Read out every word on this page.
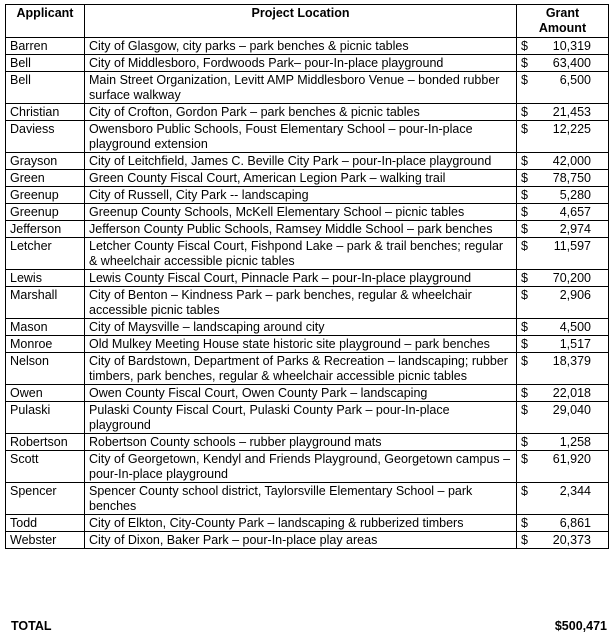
Applicant	Project Location	Grant Amount
Barren	City of Glasgow, city parks – park benches & picnic tables	$ 10,319
Bell	City of Middlesboro, Fordwoods Park– pour-In-place playground	$ 63,400
Bell	Main Street Organization, Levitt AMP Middlesboro Venue – bonded rubber surface walkway	$ 6,500
Christian	City of Crofton, Gordon Park – park benches & picnic tables	$ 21,453
Daviess	Owensboro Public Schools, Foust Elementary School – pour-In-place playground extension	$ 12,225
Grayson	City of Leitchfield, James C. Beville City Park – pour-In-place playground	$ 42,000
Green	Green County Fiscal Court, American Legion Park – walking trail	$ 78,750
Greenup	City of Russell, City Park -- landscaping	$ 5,280
Greenup	Greenup County Schools, McKell Elementary School – picnic tables	$ 4,657
Jefferson	Jefferson County Public Schools, Ramsey Middle School – park benches	$ 2,974
Letcher	Letcher County Fiscal Court, Fishpond Lake – park & trail benches; regular & wheelchair accessible picnic tables	$ 11,597
Lewis	Lewis County Fiscal Court, Pinnacle Park – pour-In-place playground	$ 70,200
Marshall	City of Benton – Kindness Park – park benches, regular & wheelchair accessible picnic tables	$ 2,906
Mason	City of Maysville – landscaping around city	$ 4,500
Monroe	Old Mulkey Meeting House state historic site playground – park benches	$ 1,517
Nelson	City of Bardstown, Department of Parks & Recreation – landscaping; rubber timbers, park benches, regular & wheelchair accessible picnic tables	$ 18,379
Owen	Owen County Fiscal Court, Owen County Park – landscaping	$ 22,018
Pulaski	Pulaski County Fiscal Court, Pulaski County Park – pour-In-place playground	$ 29,040
Robertson	Robertson County schools – rubber playground mats	$ 1,258
Scott	City of Georgetown, Kendyl and Friends Playground, Georgetown campus – pour-In-place playground	$ 61,920
Spencer	Spencer County school district, Taylorsville Elementary School – park benches	$ 2,344
Todd	City of Elkton, City-County Park – landscaping & rubberized timbers	$ 6,861
Webster	City of Dixon, Baker Park – pour-In-place play areas	$ 20,373
TOTAL	$500,471
